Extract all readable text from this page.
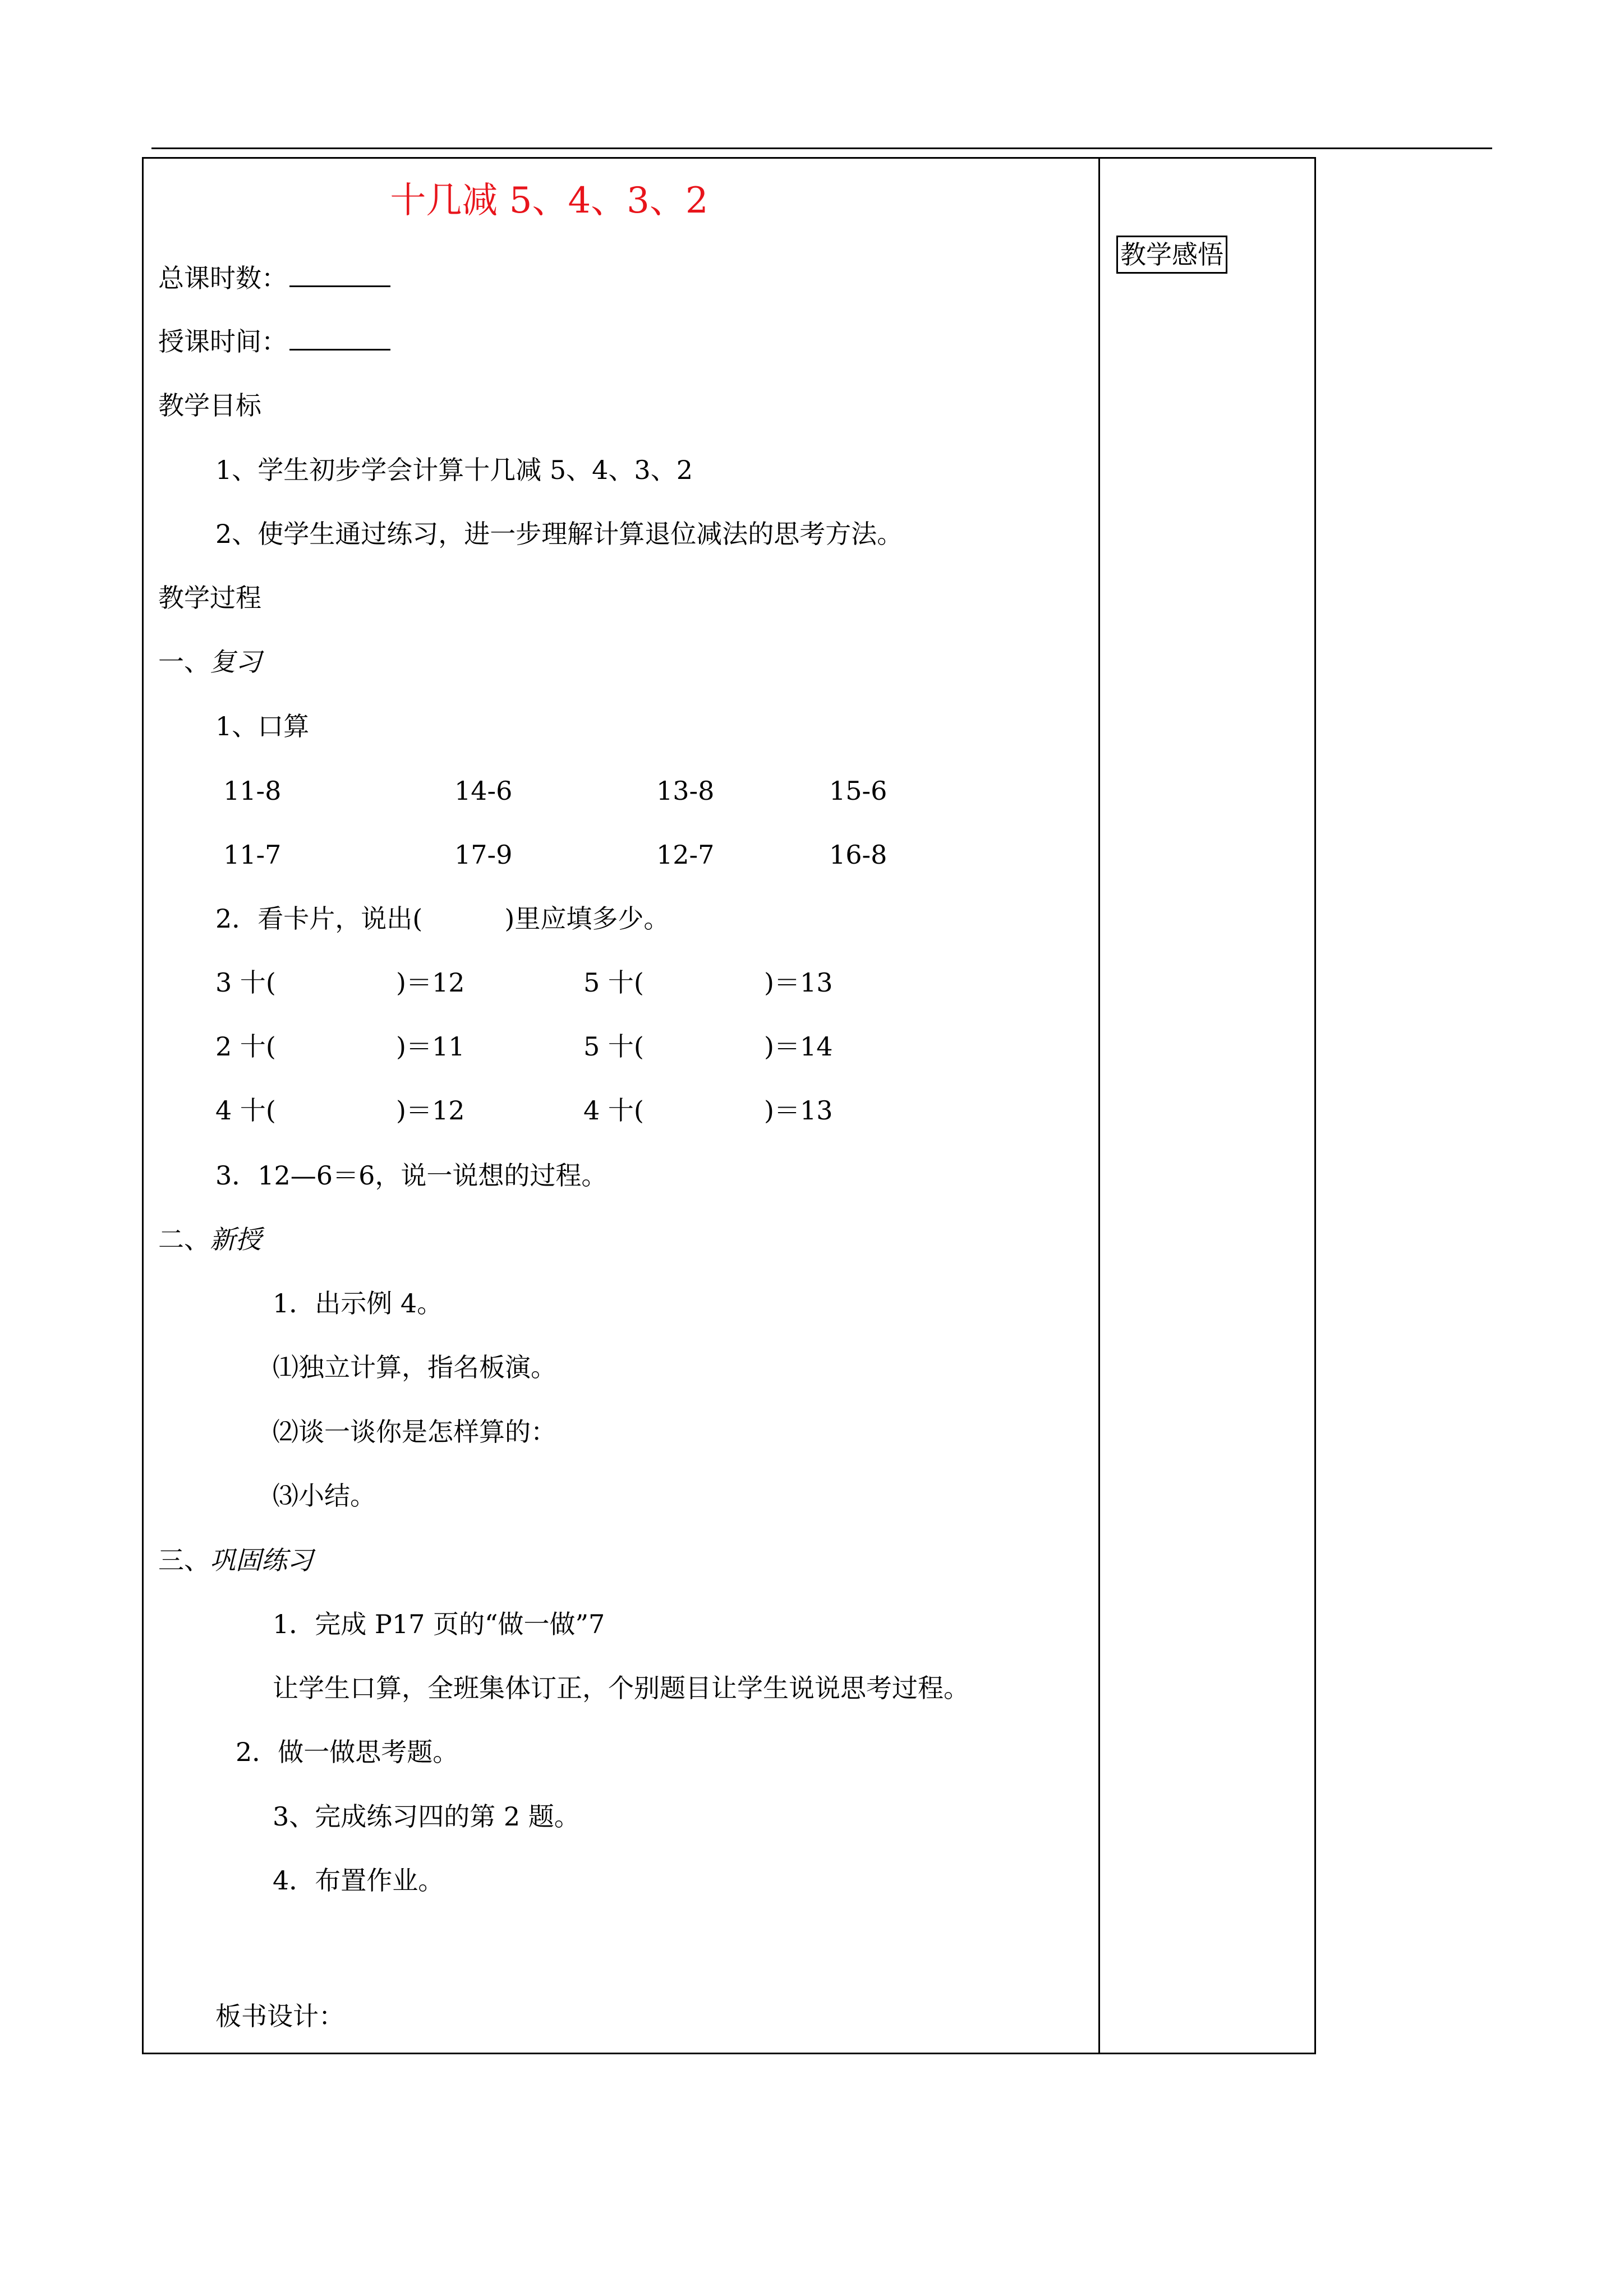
十几减 5、4、3、2
总课时数：
授课时间：
教学目标
1、学生初步学会计算十几减 5、4、3、2
2、使学生通过练习，进一步理解计算退位减法的思考方法。
教学过程
一、复习
1、口算
11-8	14-6	13-8	15-6
11-7	17-9	12-7	16-8
2．看卡片，说出(          )里应填多少。
3 十(	)＝12	5 十(	)＝13
2 十(	)＝11	5 十(	)＝14
4 十(	)＝12	4 十(	)＝13
3．12—6＝6，说一说想的过程。
二、新授
1．出示例 4。
⑴独立计算，指名板演。
⑵谈一谈你是怎样算的：
⑶小结。
三、巩固练习
1．完成 P17 页的“做一做”7
让学生口算，全班集体订正，个别题目让学生说说思考过程。
2．做一做思考题。
3、完成练习四的第 2 题。
4．布置作业。
板书设计：
教学感悟
